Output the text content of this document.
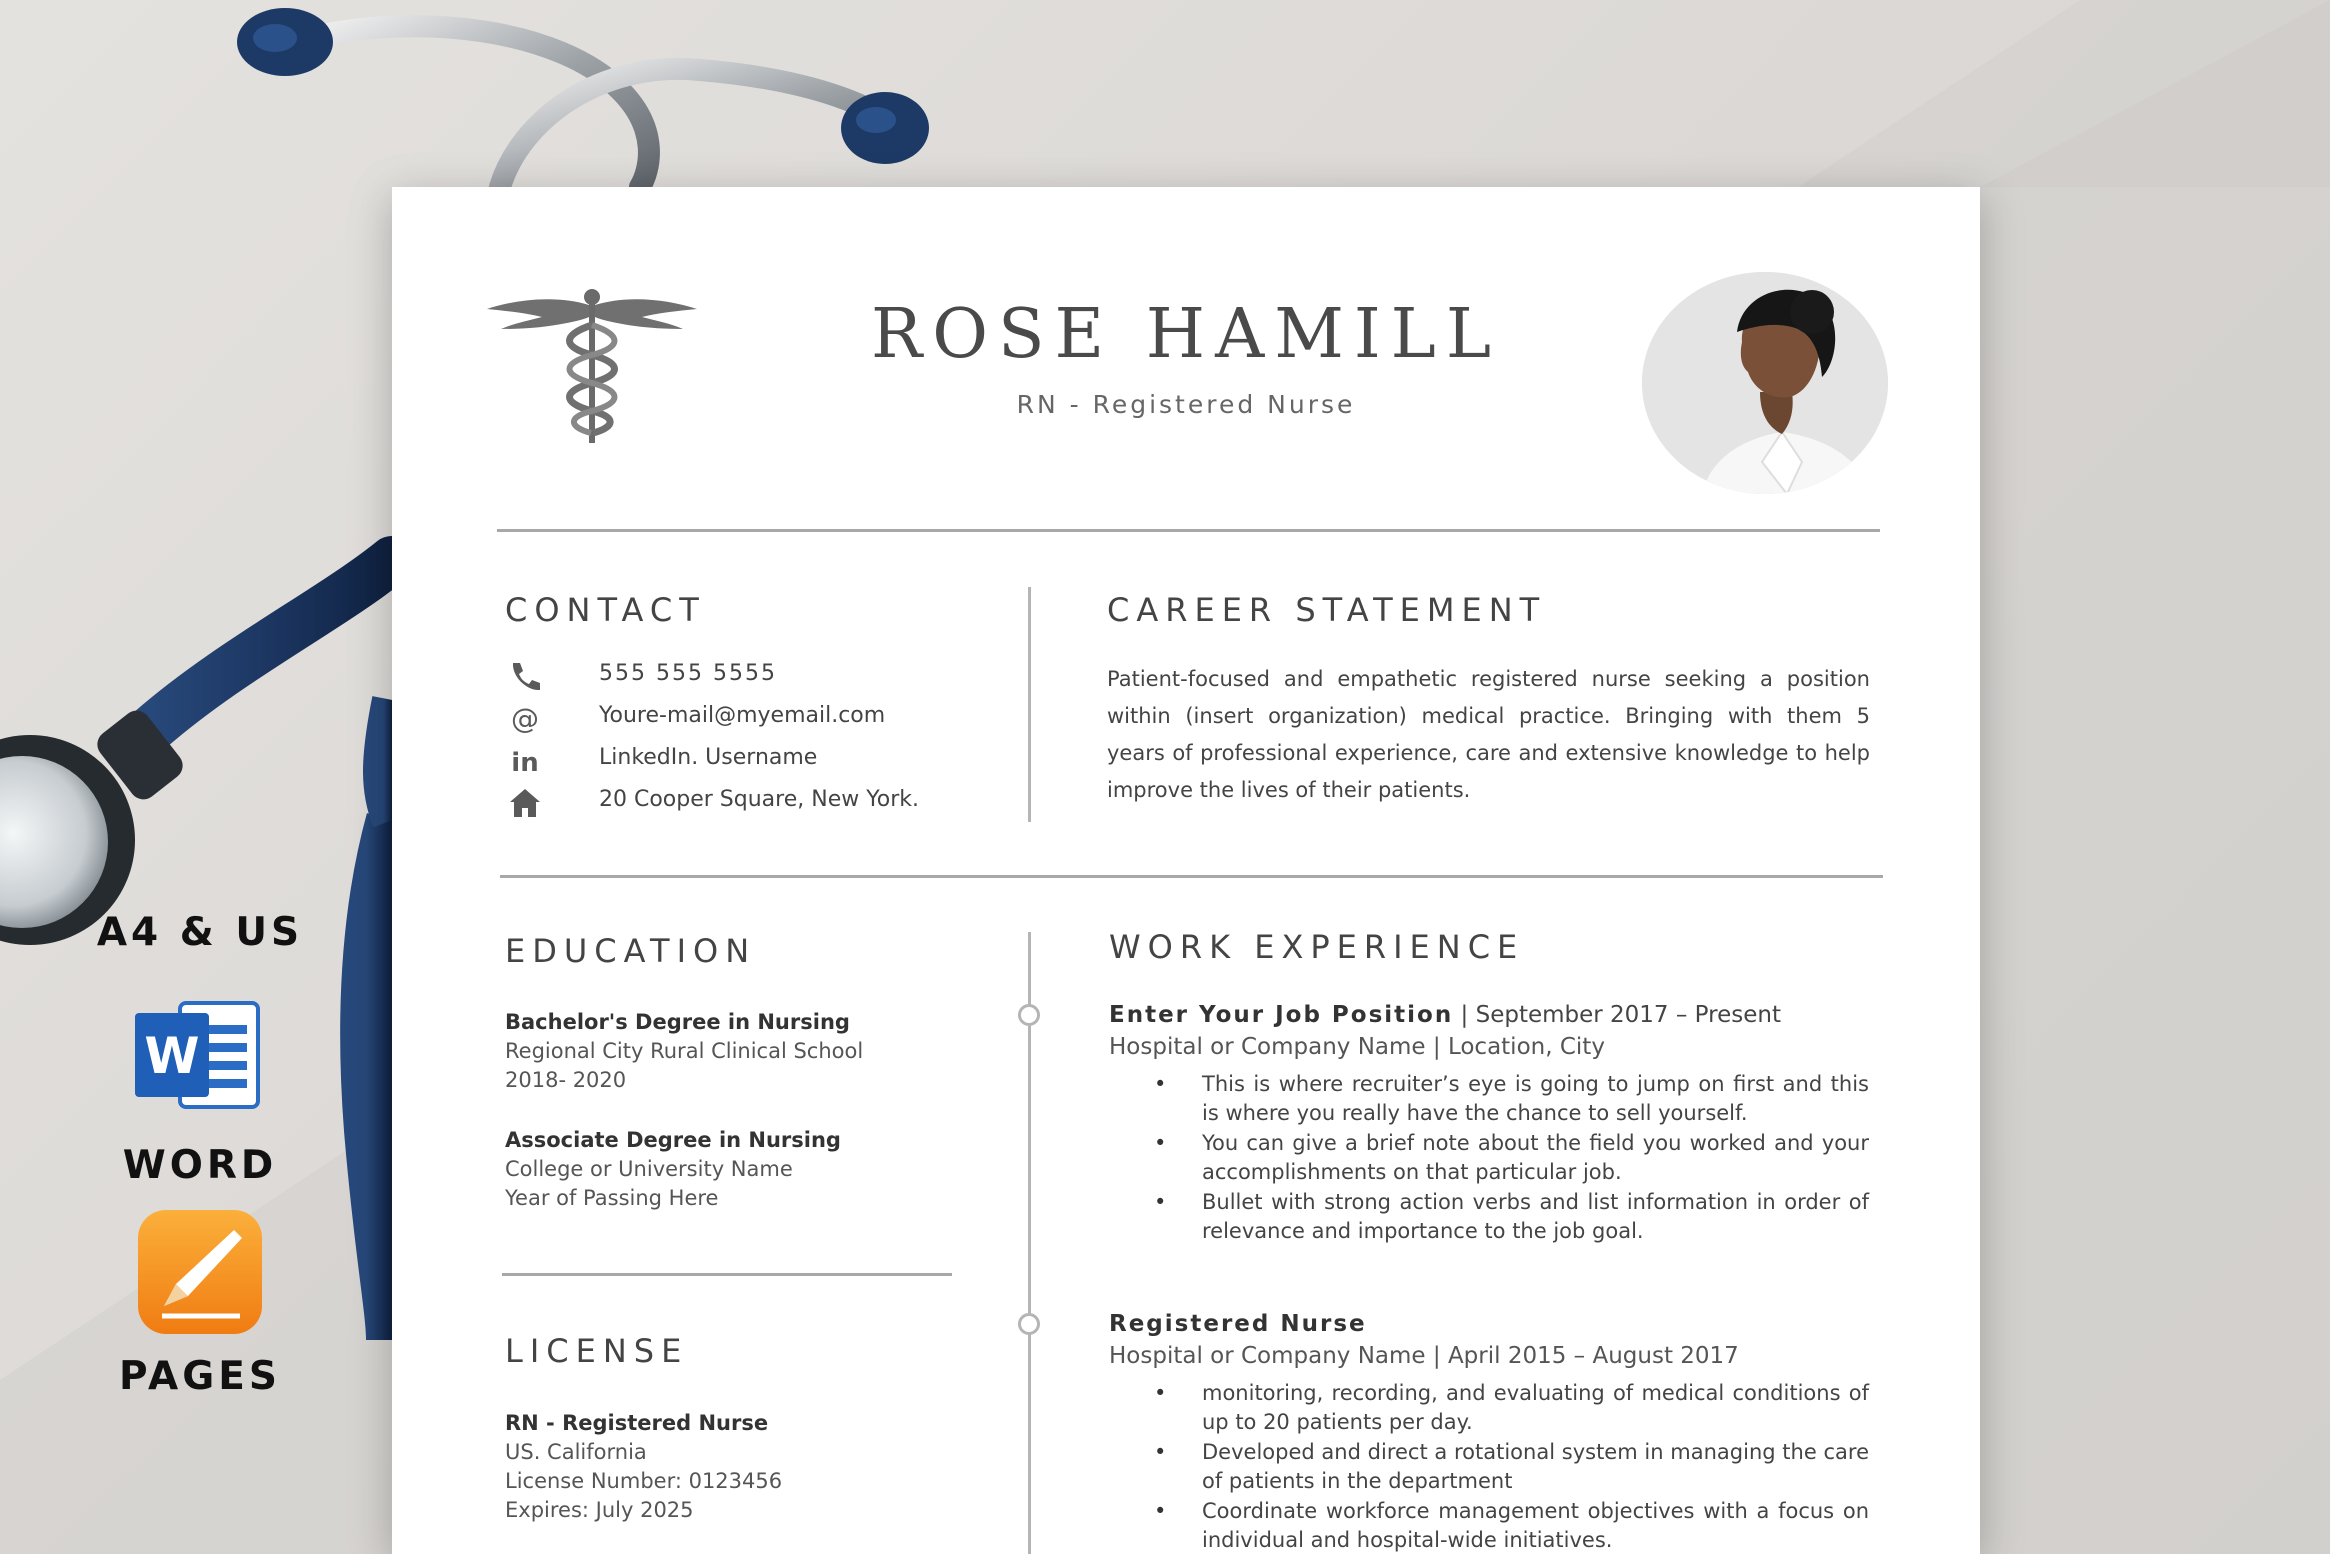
A4 & US
W
WORD
PAGES
ROSE HAMILL
RN - Registered Nurse
CONTACT
555 555 5555
@	Youre-mail@myemail.com
in	LinkedIn. Username
20 Cooper Square, New York.
CAREER STATEMENT
Patient-focused and empathetic registered nurse seeking a position within (insert organization) medical practice. Bringing with them 5 years of professional experience, care and extensive knowledge to help improve the lives of their patients.
EDUCATION
Bachelor's Degree in Nursing
Regional City Rural Clinical School
2018- 2020
Associate Degree in Nursing
College or University Name
Year of Passing Here
LICENSE
RN - Registered Nurse
US. California
License Number: 0123456
Expires: July 2025
WORK EXPERIENCE
Enter Your Job Position | September 2017 – Present
Hospital or Company Name | Location, City
• This is where recruiter’s eye is going to jump on first and this is where you really have the chance to sell yourself.
• You can give a brief note about the field you worked and your accomplishments on that particular job.
• Bullet with strong action verbs and list information in order of relevance and importance to the job goal.
Registered Nurse
Hospital or Company Name | April 2015 – August 2017
• monitoring, recording, and evaluating of medical conditions of up to 20 patients per day.
• Developed and direct a rotational system in managing the care of patients in the department
• Coordinate workforce management objectives with a focus on individual and hospital-wide initiatives.
